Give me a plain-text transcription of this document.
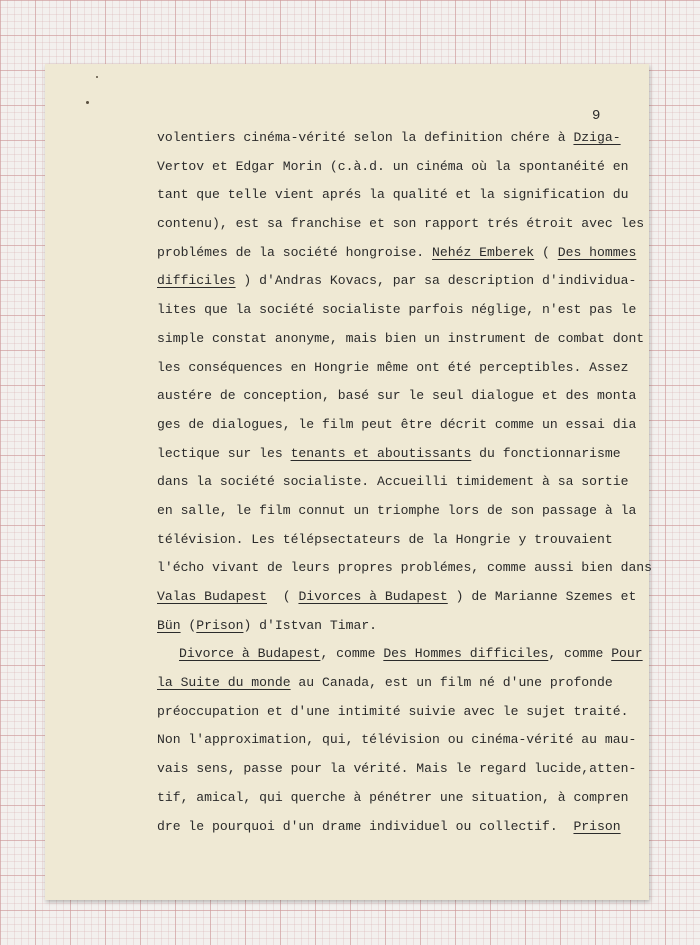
9
volentiers cinéma-vérité selon la definition chére à Dziga-
Vertov et Edgar Morin (c.à.d. un cinéma où la spontanéité en
tant que telle vient aprés la qualité et la signification du
contenu), est sa franchise et son rapport trés étroit avec les
problémes de la société hongroise. Nehéz Emberek ( Des hommes
difficiles ) d'Andras Kovacs, par sa description d'individua-
lites que la société socialiste parfois néglige, n'est pas le
simple constat anonyme, mais bien un instrument de combat dont
les conséquences en Hongrie même ont été perceptibles. Assez
austére de conception, basé sur le seul dialogue et des monta
ges de dialogues, le film peut être décrit comme un essai dia
lectique sur les tenants et aboutissants du fonctionnarisme
dans la société socialiste. Accueilli timidement à sa sortie
en salle, le film connut un triomphe lors de son passage à la
télévision. Les télépsectateurs de la Hongrie y trouvaient
l'écho vivant de leurs propres problémes, comme aussi bien dans
Valas Budapest  ( Divorces à Budapest ) de Marianne Szemes et
Bün (Prison) d'Istvan Timar.
Divorce à Budapest, comme Des Hommes difficiles, comme Pour
la Suite du monde au Canada, est un film né d'une profonde
préoccupation et d'une intimité suivie avec le sujet traité.
Non l'approximation, qui, télévision ou cinéma-vérité au mau-
vais sens, passe pour la vérité. Mais le regard lucide,atten-
tif, amical, qui querche à pénétrer une situation, à compren
dre le pourquoi d'un drame individuel ou collectif.  Prison
